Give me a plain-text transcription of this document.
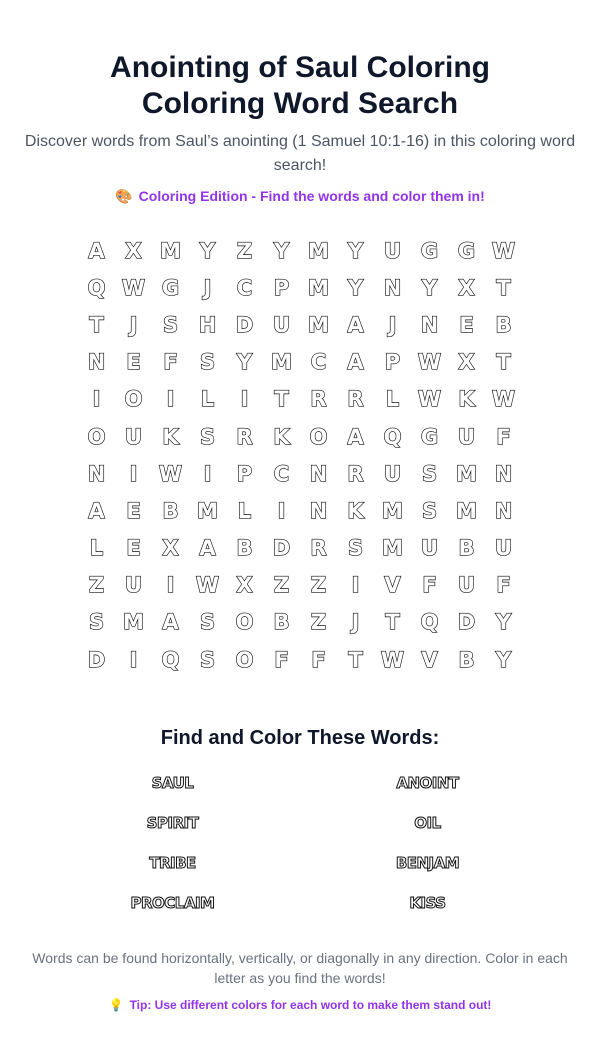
Anointing of Saul Coloring Coloring Word Search

Discover words from Saul’s anointing (1 Samuel 10:1-16) in this coloring word search!

🎨 Coloring Edition - Find the words and color them in!

A X M Y	Z	Y M Y U G G W
Q W G	J	C	P M Y N Y	X	T
T	J	S H D U M A	J	N	E	B
N	E	F	S	Y M C	A	P W X	T
I	O	I	L	I	T	R R	L W K W
O U K	S	R K O A Q G U	F
N	I	W	I	P	C N R U S M N
A	E	B M L	I	N K M S M N
L	E	X A B D R	S M U B U
Z U	I	W X	Z	Z	I	V	F	U	F
S M A	S O B	Z	J	T Q D Y
D	I	Q S O F	F	T W V B	Y
Find and Color These Words:
SAUL	ANOINT
SPIRIT	OIL
TRIBE	BENJAM
PROCLAIM	KISS

Words can be found horizontally, vertically, or diagonally in any direction. Color in each letter as you find the words!

💡 Tip: Use different colors for each word to make them stand out!
